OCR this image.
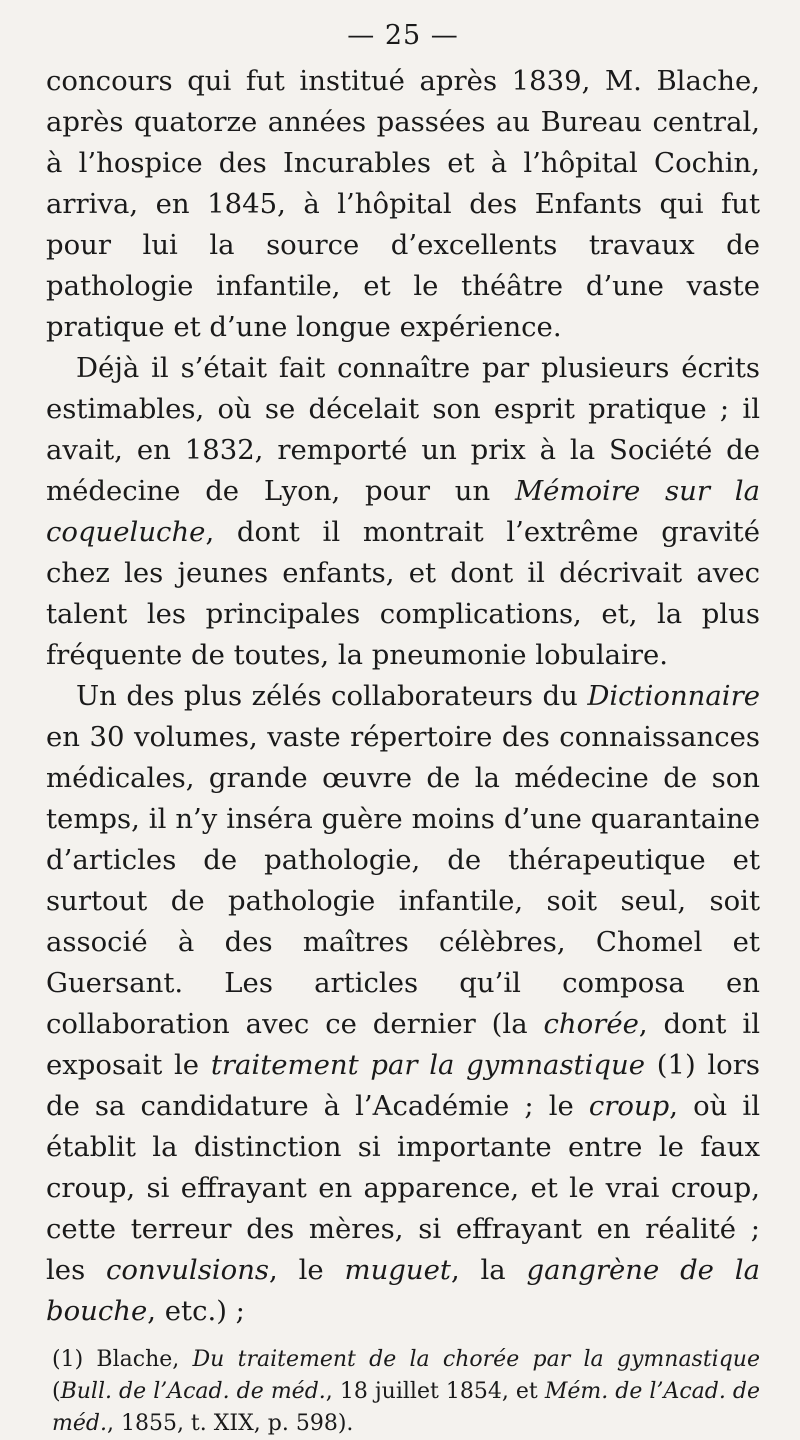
— 25 —

concours qui fut institué après 1839, M. Blache, après quatorze années passées au Bureau central, à l’hospice des Incurables et à l’hôpital Cochin, arriva, en 1845, à l’hôpital des Enfants qui fut pour lui la source d’excellents travaux de pathologie infantile, et le théâtre d’une vaste pratique et d’une longue expérience.

Déjà il s’était fait connaître par plusieurs écrits estimables, où se décelait son esprit pratique ; il avait, en 1832, remporté un prix à la Société de médecine de Lyon, pour un Mémoire sur la coqueluche, dont il montrait l’extrême gravité chez les jeunes enfants, et dont il décrivait avec talent les principales complications, et, la plus fréquente de toutes, la pneumonie lobulaire.

Un des plus zélés collaborateurs du Dictionnaire en 30 volumes, vaste répertoire des connaissances médicales, grande œuvre de la médecine de son temps, il n’y inséra guère moins d’une quarantaine d’articles de pathologie, de thérapeutique et surtout de pathologie infantile, soit seul, soit associé à des maîtres célèbres, Chomel et Guersant. Les articles qu’il composa en collaboration avec ce dernier (la chorée, dont il exposait le traitement par la gymnastique (1) lors de sa candidature à l’Académie ; le croup, où il établit la distinction si importante entre le faux croup, si effrayant en apparence, et le vrai croup, cette terreur des mères, si effrayant en réalité ; les convulsions, le muguet, la gangrène de la bouche, etc.) ;

(1) Blache, Du traitement de la chorée par la gymnastique (Bull. de l’Acad. de méd., 18 juillet 1854, et Mém. de l’Acad. de méd., 1855, t. XIX, p. 598).
